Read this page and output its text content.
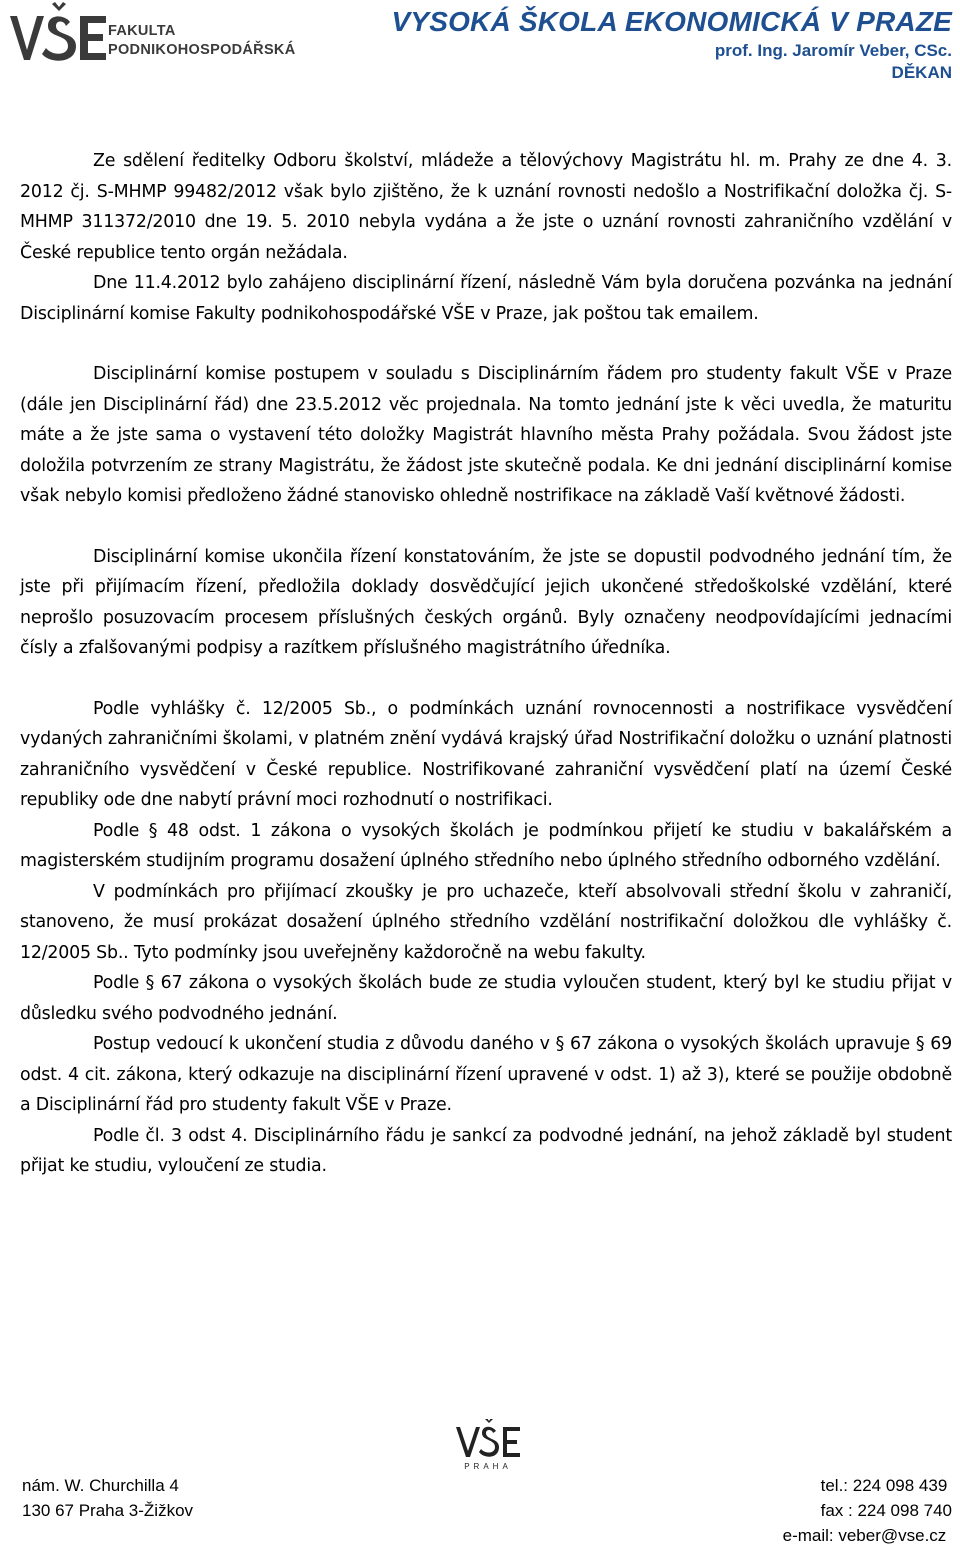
FAKULTA
PODNIKOHOSPODÁŘSKÁ
VYSOKÁ ŠKOLA EKONOMICKÁ V PRAZE
prof. Ing. Jaromír Veber, CSc.
DĚKAN

Ze sdělení ředitelky Odboru školství, mládeže a tělovýchovy Magistrátu hl. m. Prahy ze dne 4. 3. 2012 čj. S-MHMP 99482/2012 však bylo zjištěno, že k uznání rovnosti nedošlo a Nostrifikační doložka čj. S-MHMP 311372/2010 dne 19. 5. 2010 nebyla vydána a že jste o uznání rovnosti zahraničního vzdělání v České republice tento orgán nežádala.

Dne 11.4.2012 bylo zahájeno disciplinární řízení, následně Vám byla doručena pozvánka na jednání Disciplinární komise Fakulty podnikohospodářské VŠE v Praze, jak poštou tak emailem.

Disciplinární komise postupem v souladu s Disciplinárním řádem pro studenty fakult VŠE v Praze (dále jen Disciplinární řád) dne 23.5.2012 věc projednala. Na tomto jednání jste k věci uvedla, že maturitu máte a že jste sama o vystavení této doložky Magistrát hlavního města Prahy požádala. Svou žádost jste doložila potvrzením ze strany Magistrátu, že žádost jste skutečně podala. Ke dni jednání disciplinární komise však nebylo komisi předloženo žádné stanovisko ohledně nostrifikace na základě Vaší květnové žádosti.

Disciplinární komise ukončila řízení konstatováním, že jste se dopustil podvodného jednání tím, že jste při přijímacím řízení, předložila doklady dosvědčující jejich ukončené středoškolské vzdělání, které neprošlo posuzovacím procesem příslušných českých orgánů. Byly označeny neodpovídajícími jednacími čísly a zfalšovanými podpisy a razítkem příslušného magistrátního úředníka.

Podle vyhlášky č. 12/2005 Sb., o podmínkách uznání rovnocennosti a nostrifikace vysvědčení vydaných zahraničními školami, v platném znění vydává krajský úřad Nostrifikační doložku o uznání platnosti zahraničního vysvědčení v České republice. Nostrifikované zahraniční vysvědčení platí na území České republiky ode dne nabytí právní moci rozhodnutí o nostrifikaci.

Podle § 48 odst. 1 zákona o vysokých školách je podmínkou přijetí ke studiu v bakalářském a magisterském studijním programu dosažení úplného středního nebo úplného středního odborného vzdělání.

V podmínkách pro přijímací zkoušky je pro uchazeče, kteří absolvovali střední školu v zahraničí, stanoveno, že musí prokázat dosažení úplného středního vzdělání nostrifikační doložkou dle vyhlášky č. 12/2005 Sb.. Tyto podmínky jsou uveřejněny každoročně na webu fakulty.

Podle § 67 zákona o vysokých školách bude ze studia vyloučen student, který byl ke studiu přijat v důsledku svého podvodného jednání.

Postup vedoucí k ukončení studia z důvodu daného v § 67 zákona o vysokých školách upravuje § 69 odst. 4 cit. zákona, který odkazuje na disciplinární řízení upravené v odst. 1) až 3), které se použije obdobně a Disciplinární řád pro studenty fakult VŠE v Praze.

Podle čl. 3 odst 4. Disciplinárního řádu je sankcí za podvodné jednání, na jehož základě byl student přijat ke studiu, vyloučení ze studia.

PRAHA
nám. W. Churchilla 4
130 67 Praha 3-Žižkov
tel.: 224 098 439
fax : 224 098 740
e-mail: veber@vse.cz
